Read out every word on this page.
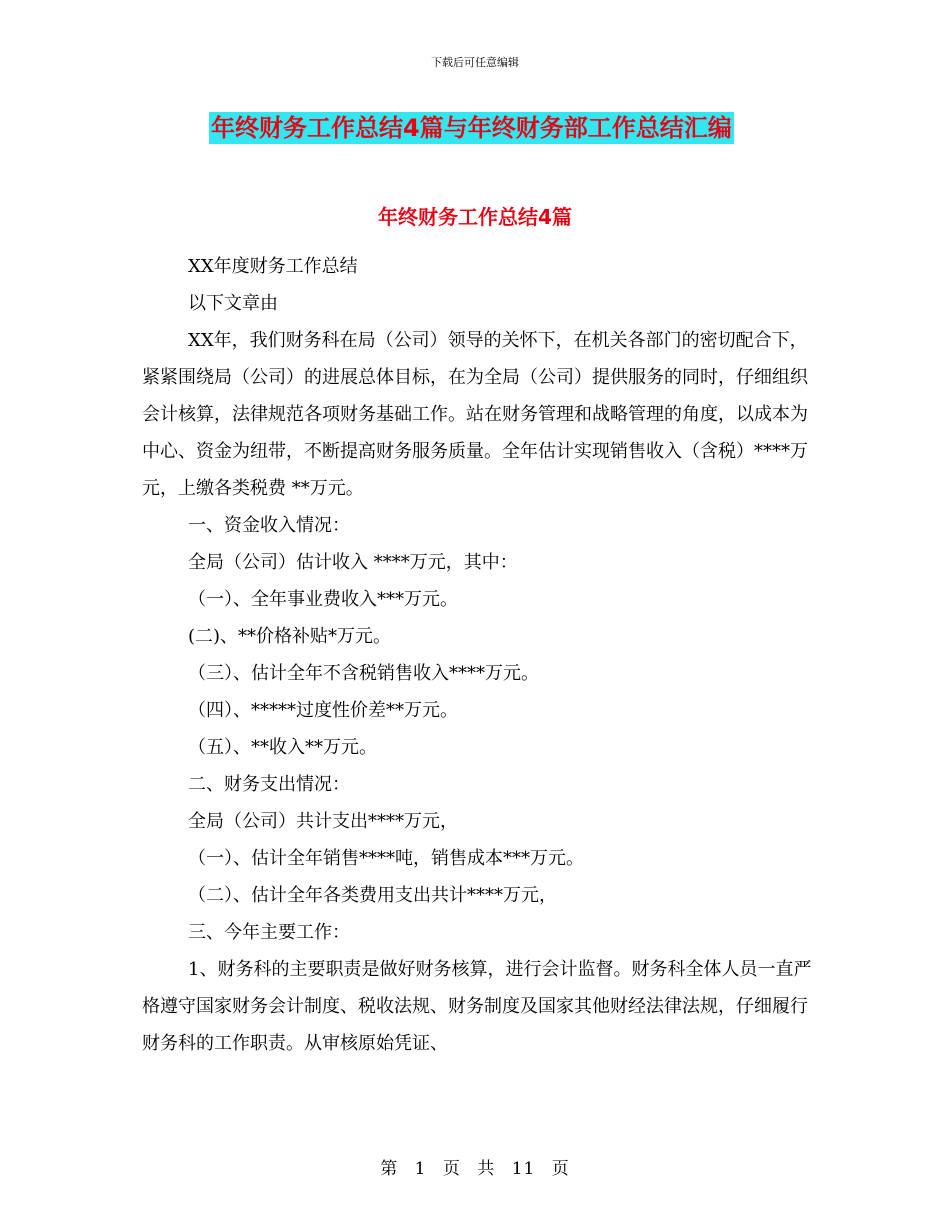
下载后可任意编辑
年终财务工作总结4篇与年终财务部工作总结汇编
年终财务工作总结4篇

XX年度财务工作总结

以下文章由

XX年，我们财务科在局（公司）领导的关怀下，在机关各部门的密切配合下，紧紧围绕局（公司）的进展总体目标，在为全局（公司）提供服务的同时，仔细组织会计核算，法律规范各项财务基础工作。站在财务管理和战略管理的角度，以成本为中心、资金为纽带，不断提高财务服务质量。全年估计实现销售收入（含税）****万元，上缴各类税费 **万元。

一、资金收入情况：

全局（公司）估计收入 ****万元，其中：

（一）、全年事业费收入***万元。

(二)、**价格补贴*万元。

（三）、估计全年不含税销售收入****万元。

（四）、*****过度性价差**万元。

（五）、**收入**万元。

二、财务支出情况：

全局（公司）共计支出****万元，

（一）、估计全年销售****吨，销售成本***万元。

（二）、估计全年各类费用支出共计****万元，

三、今年主要工作：

1、财务科的主要职责是做好财务核算，进行会计监督。财务科全体人员一直严格遵守国家财务会计制度、税收法规、财务制度及国家其他财经法律法规，仔细履行财务科的工作职责。从审核原始凭证、

第 1 页 共 11 页
